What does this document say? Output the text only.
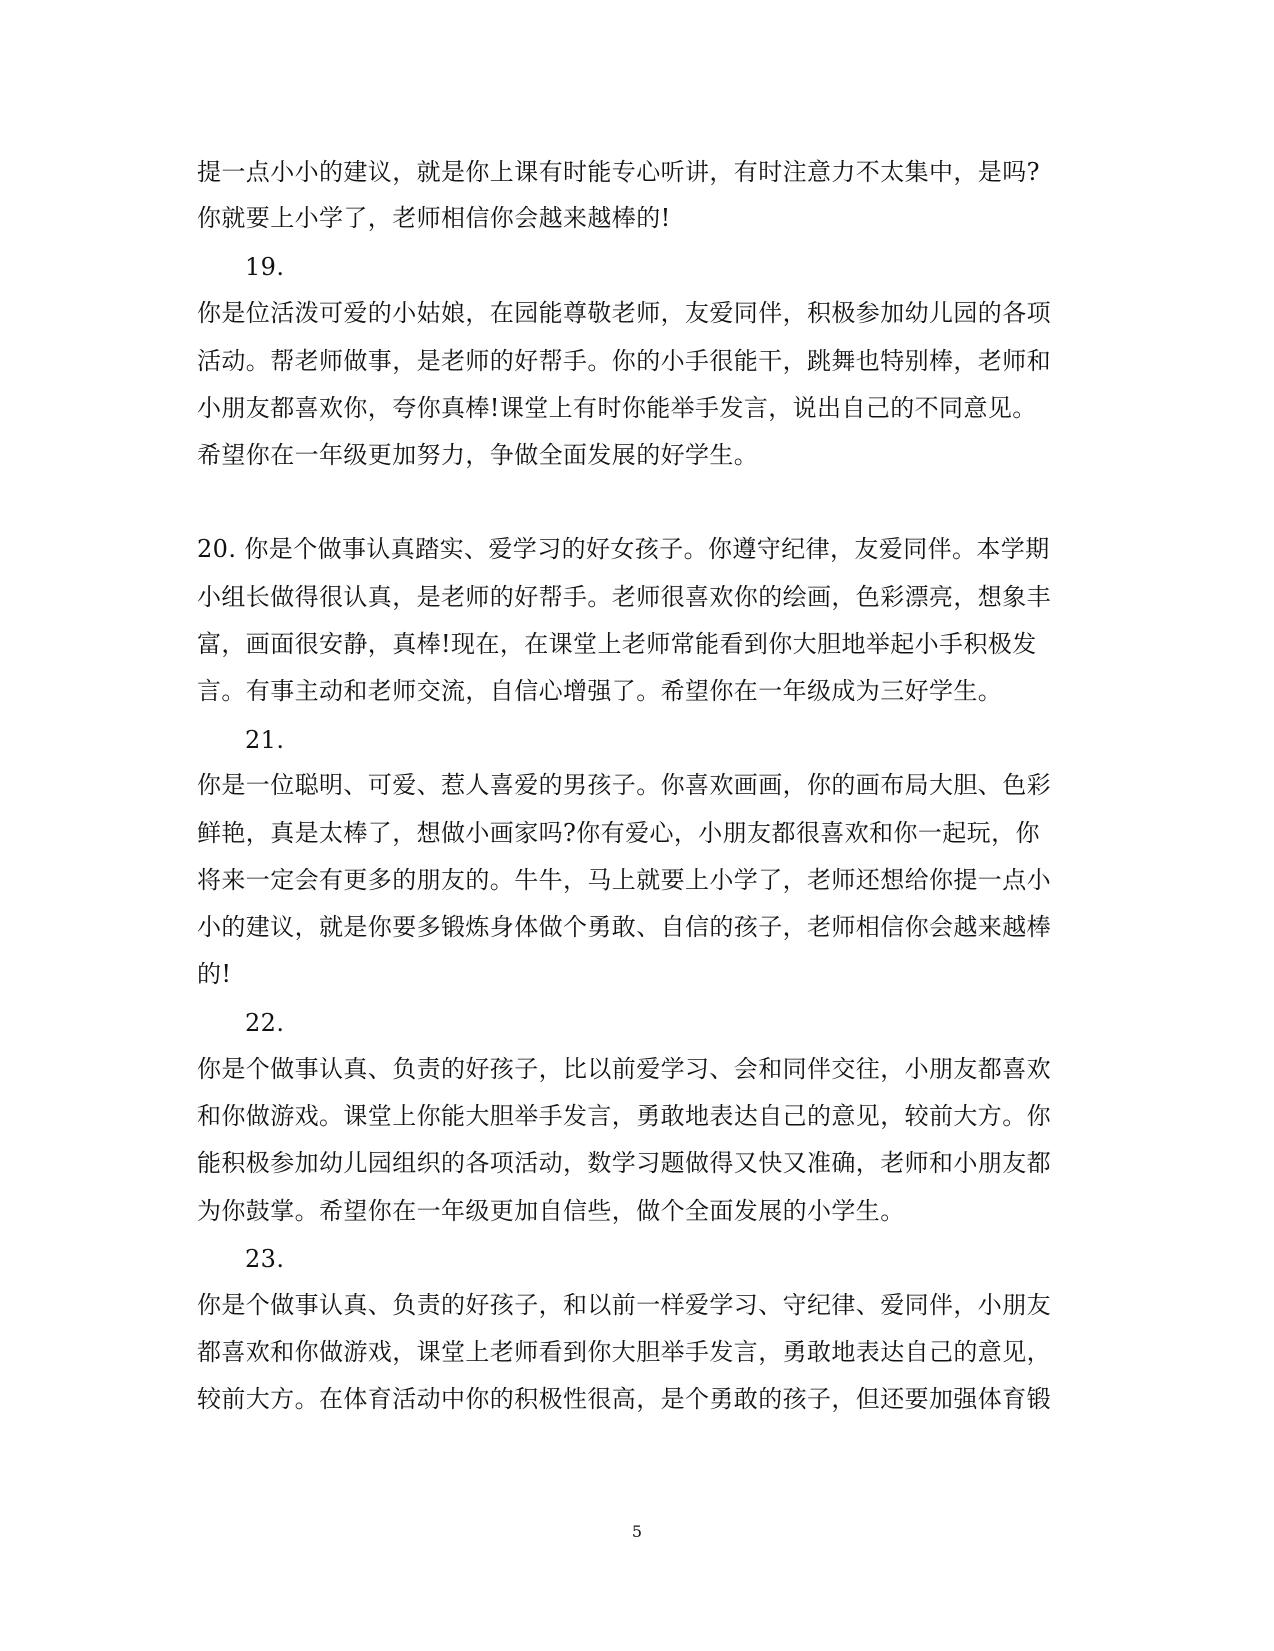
提一点小小的建议，就是你上课有时能专心听讲，有时注意力不太集中，是吗?
你就要上小学了，老师相信你会越来越棒的!
19.
你是位活泼可爱的小姑娘，在园能尊敬老师，友爱同伴，积极参加幼儿园的各项
活动。帮老师做事，是老师的好帮手。你的小手很能干，跳舞也特别棒，老师和
小朋友都喜欢你，夸你真棒!课堂上有时你能举手发言，说出自己的不同意见。
希望你在一年级更加努力，争做全面发展的好学生。
20. 你是个做事认真踏实、爱学习的好女孩子。你遵守纪律，友爱同伴。本学期
小组长做得很认真，是老师的好帮手。老师很喜欢你的绘画，色彩漂亮，想象丰
富，画面很安静，真棒!现在，在课堂上老师常能看到你大胆地举起小手积极发
言。有事主动和老师交流，自信心增强了。希望你在一年级成为三好学生。
21.
你是一位聪明、可爱、惹人喜爱的男孩子。你喜欢画画，你的画布局大胆、色彩
鲜艳，真是太棒了，想做小画家吗?你有爱心，小朋友都很喜欢和你一起玩，你
将来一定会有更多的朋友的。牛牛，马上就要上小学了，老师还想给你提一点小
小的建议，就是你要多锻炼身体做个勇敢、自信的孩子，老师相信你会越来越棒
的!
22.
你是个做事认真、负责的好孩子，比以前爱学习、会和同伴交往，小朋友都喜欢
和你做游戏。课堂上你能大胆举手发言，勇敢地表达自己的意见，较前大方。你
能积极参加幼儿园组织的各项活动，数学习题做得又快又准确，老师和小朋友都
为你鼓掌。希望你在一年级更加自信些，做个全面发展的小学生。
23.
你是个做事认真、负责的好孩子，和以前一样爱学习、守纪律、爱同伴，小朋友
都喜欢和你做游戏，课堂上老师看到你大胆举手发言，勇敢地表达自己的意见，
较前大方。在体育活动中你的积极性很高，是个勇敢的孩子，但还要加强体育锻
5
